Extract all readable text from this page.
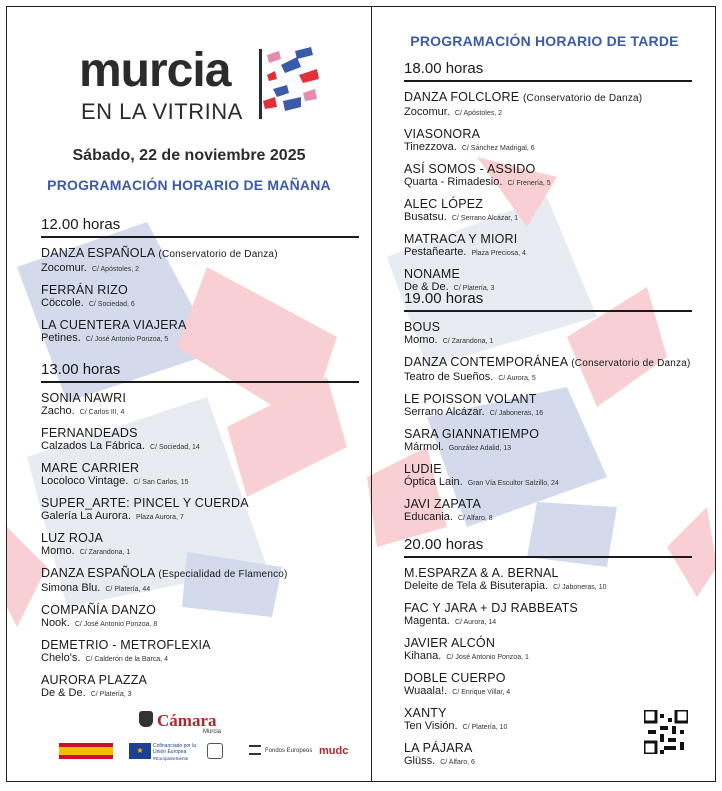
murcia
EN LA VITRINA
Sábado, 22 de noviembre 2025
PROGRAMACIÓN HORARIO DE MAÑANA
12.00 horas
DANZA ESPAÑOLA (Conservatorio de Danza)
Zocomur. C/ Apóstoles, 2
FERRÁN RIZO
Cöccole. C/ Sociedad, 6
LA CUENTERA VIAJERA
Petines. C/ José Antonio Ponzoa, 5
13.00 horas
SONIA NAWRI
Zacho. C/ Carlos III, 4
FERNANDEADS
Calzados La Fábrica. C/ Sociedad, 14
MARE CARRIER
Locoloco Vintage. C/ San Carlos, 15
SUPER_ARTE: PINCEL Y CUERDA
Galería La Aurora. Plaza Aurora, 7
LUZ ROJA
Momo. C/ Zarandona, 1
DANZA ESPAÑOLA (Especialidad de Flamenco)
Simona Blu. C/ Platería, 44
COMPAÑÍA DANZO
Nook. C/ José Antonio Ponzoa, 8
DEMETRIO - METROFLEXIA
Chelo's. C/ Calderón de la Barca, 4
AURORA PLAZZA
De & De. C/ Platería, 3
Cámara
Murcia
★	Cofinanciado por la Unión Europea
#EuropaSeSiente
Fondos Europeos mudc
PROGRAMACIÓN HORARIO DE TARDE
18.00 horas
DANZA FOLCLORE (Conservatorio de Danza)
Zocomur. C/ Apóstoles, 2
VIASONORA
Tinezzova. C/ Sánchez Madrigal, 6
ASÍ SOMOS - ASSIDO
Quarta - Rimadesio. C/ Frenería, 5
ALEC LÓPEZ
Busatsu. C/ Serrano Alcázar, 1
MATRACA Y MIORI
Pestañearte. Plaza Preciosa, 4
NONAME
De & De. C/ Platería, 3
19.00 horas
BOUS
Momo. C/ Zarandona, 1
DANZA CONTEMPORÁNEA (Conservatorio de Danza)
Teatro de Sueños. C/ Aurora, 5
LE POISSON VOLANT
Serrano Alcázar. C/ Jaboneras, 16
SARA GIANNATIEMPO
Mármol. González Adalid, 13
LUDIE
Óptica Lain. Gran Vía Escultor Salzillo, 24
JAVI ZAPATA
Educania. C/ Alfaro, 8
20.00 horas
M.ESPARZA & A. BERNAL
Deleite de Tela & Bisuterapia. C/ Jaboneras, 10
FAC Y JARA + DJ RABBEATS
Magenta. C/ Aurora, 14
JAVIER ALCÓN
Kihana. C/ José Antonio Ponzoa, 1
DOBLE CUERPO
Wuaala!. C/ Enrique Villar, 4
XANTY
Ten Visión. C/ Platería, 10
LA PÁJARA
Glüss. C/ Alfaro, 6
